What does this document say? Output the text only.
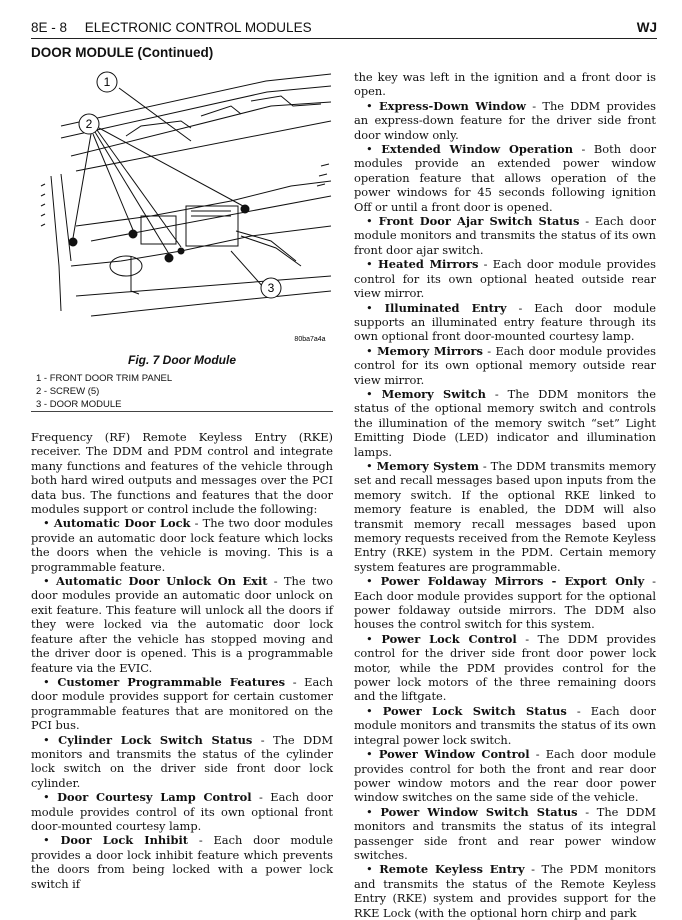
8E - 8 ELECTRONIC CONTROL MODULES	WJ
DOOR MODULE (Continued)
1
2
3
80ba7a4a
Fig. 7 Door Module
1 - FRONT DOOR TRIM PANEL
2 - SCREW (5)
3 - DOOR MODULE

Frequency (RF) Remote Keyless Entry (RKE) receiver. The DDM and PDM control and integrate many functions and features of the vehicle through both hard wired outputs and messages over the PCI data bus. The functions and features that the door modules support or control include the following:

• Automatic Door Lock - The two door modules provide an automatic door lock feature which locks the doors when the vehicle is moving. This is a programmable feature.

• Automatic Door Unlock On Exit - The two door modules provide an automatic door unlock on exit feature. This feature will unlock all the doors if they were locked via the automatic door lock feature after the vehicle has stopped moving and the driver door is opened. This is a programmable feature via the EVIC.

• Customer Programmable Features - Each door module provides support for certain customer programmable features that are monitored on the PCI bus.

• Cylinder Lock Switch Status - The DDM monitors and transmits the status of the cylinder lock switch on the driver side front door lock cylinder.

• Door Courtesy Lamp Control - Each door module provides control of its own optional front door-mounted courtesy lamp.

• Door Lock Inhibit - Each door module provides a door lock inhibit feature which prevents the doors from being locked with a power lock switch if

the key was left in the ignition and a front door is open.

• Express-Down Window - The DDM provides an express-down feature for the driver side front door window only.

• Extended Window Operation - Both door modules provide an extended power window operation feature that allows operation of the power windows for 45 seconds following ignition Off or until a front door is opened.

• Front Door Ajar Switch Status - Each door module monitors and transmits the status of its own front door ajar switch.

• Heated Mirrors - Each door module provides control for its own optional heated outside rear view mirror.

• Illuminated Entry - Each door module supports an illuminated entry feature through its own optional front door-mounted courtesy lamp.

• Memory Mirrors - Each door module provides control for its own optional memory outside rear view mirror.

• Memory Switch - The DDM monitors the status of the optional memory switch and controls the illumination of the memory switch “set” Light Emitting Diode (LED) indicator and illumination lamps.

• Memory System - The DDM transmits memory set and recall messages based upon inputs from the memory switch. If the optional RKE linked to memory feature is enabled, the DDM will also transmit memory recall messages based upon memory requests received from the Remote Keyless Entry (RKE) system in the PDM. Certain memory system features are programmable.

• Power Foldaway Mirrors - Export Only - Each door module provides support for the optional power foldaway outside mirrors. The DDM also houses the control switch for this system.

• Power Lock Control - The DDM provides control for the driver side front door power lock motor, while the PDM provides control for the power lock motors of the three remaining doors and the liftgate.

• Power Lock Switch Status - Each door module monitors and transmits the status of its own integral power lock switch.

• Power Window Control - Each door module provides control for both the front and rear door power window motors and the rear door power window switches on the same side of the vehicle.

• Power Window Switch Status - The DDM monitors and transmits the status of its integral passenger side front and rear power window switches.

• Remote Keyless Entry - The PDM monitors and transmits the status of the Remote Keyless Entry (RKE) system and provides support for the RKE Lock (with the optional horn chirp and park
